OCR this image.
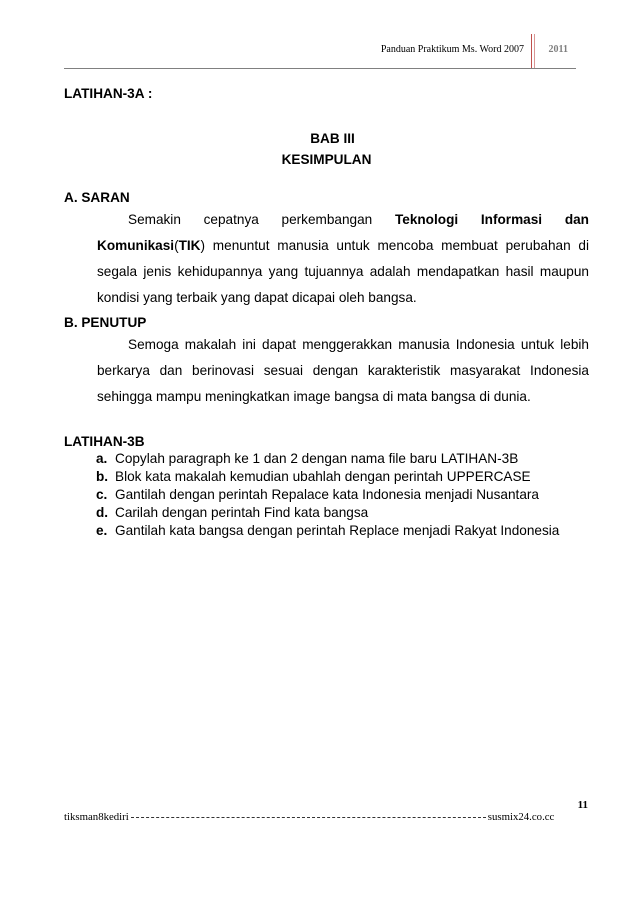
Panduan Praktikum Ms. Word 2007 2011
LATIHAN-3A :
BAB III
KESIMPULAN
A. SARAN
Semakin cepatnya perkembangan Teknologi Informasi dan Komunikasi(TIK) menuntut manusia untuk mencoba membuat perubahan di segala jenis kehidupannya yang tujuannya adalah mendapatkan hasil maupun kondisi yang terbaik yang dapat dicapai oleh bangsa.
B. PENUTUP
Semoga makalah ini dapat menggerakkan manusia Indonesia untuk lebih berkarya dan berinovasi sesuai dengan karakteristik masyarakat Indonesia sehingga mampu meningkatkan image bangsa di mata bangsa di dunia.
LATIHAN-3B
a. Copylah paragraph ke 1 dan 2 dengan nama file baru LATIHAN-3B
b. Blok kata makalah kemudian ubahlah dengan perintah UPPERCASE
c. Gantilah dengan perintah Repalace kata Indonesia menjadi Nusantara
d. Carilah dengan perintah Find kata bangsa
e. Gantilah kata bangsa dengan perintah Replace menjadi Rakyat Indonesia
11
tiksman8kediri	susmix24.co.cc
